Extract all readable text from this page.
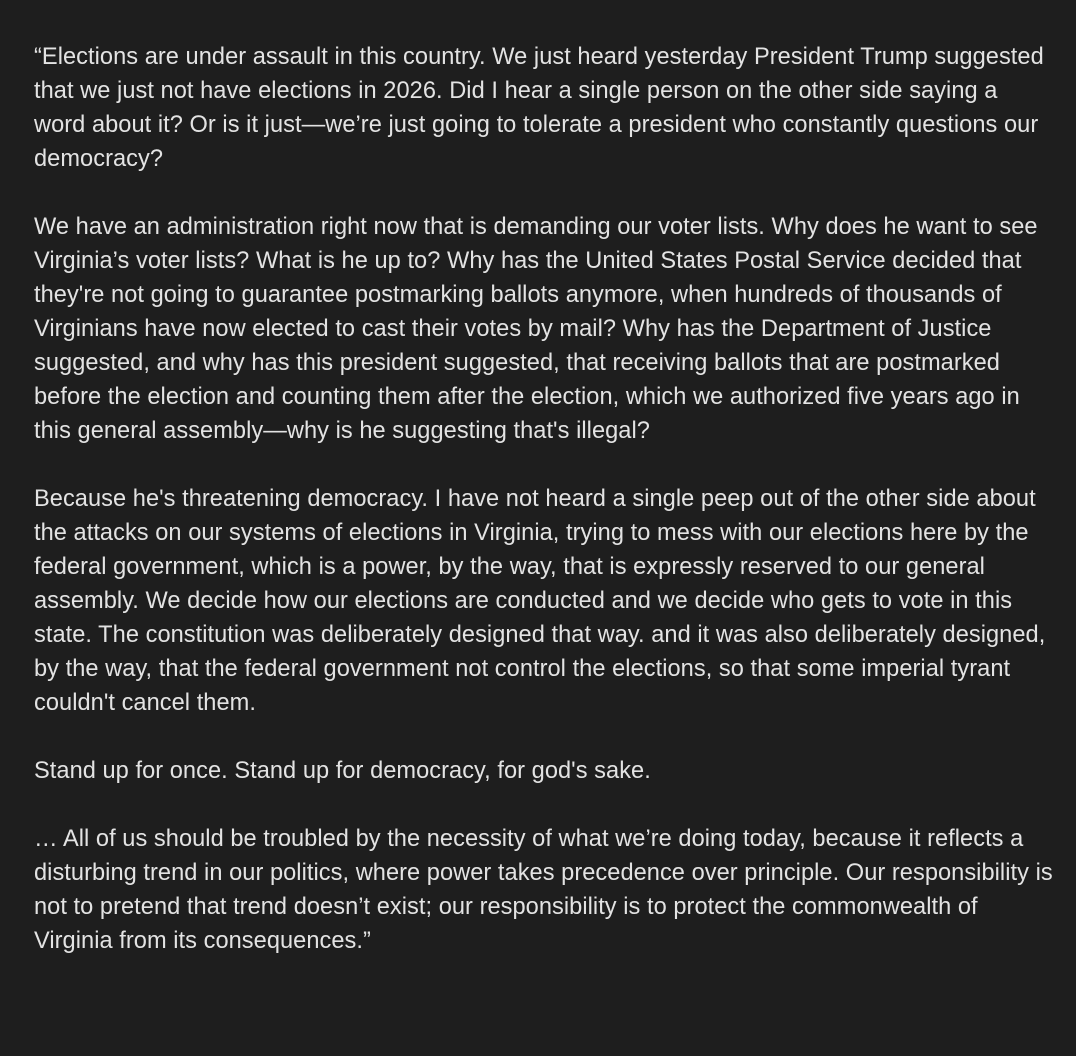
“Elections are under assault in this country. We just heard yesterday President Trump suggested that we just not have elections in 2026. Did I hear a single person on the other side saying a word about it? Or is it just—we’re just going to tolerate a president who constantly questions our democracy?

We have an administration right now that is demanding our voter lists. Why does he want to see Virginia’s voter lists? What is he up to? Why has the United States Postal Service decided that they're not going to guarantee postmarking ballots anymore, when hundreds of thousands of Virginians have now elected to cast their votes by mail? Why has the Department of Justice suggested, and why has this president suggested, that receiving ballots that are postmarked before the election and counting them after the election, which we authorized five years ago in this general assembly—why is he suggesting that's illegal?

Because he's threatening democracy. I have not heard a single peep out of the other side about the attacks on our systems of elections in Virginia, trying to mess with our elections here by the federal government, which is a power, by the way, that is expressly reserved to our general assembly. We decide how our elections are conducted and we decide who gets to vote in this state. The constitution was deliberately designed that way. and it was also deliberately designed, by the way, that the federal government not control the elections, so that some imperial tyrant couldn't cancel them.

Stand up for once. Stand up for democracy, for god's sake.

… All of us should be troubled by the necessity of what we’re doing today, because it reflects a disturbing trend in our politics, where power takes precedence over principle. Our responsibility is not to pretend that trend doesn’t exist; our responsibility is to protect the commonwealth of Virginia from its consequences.”
